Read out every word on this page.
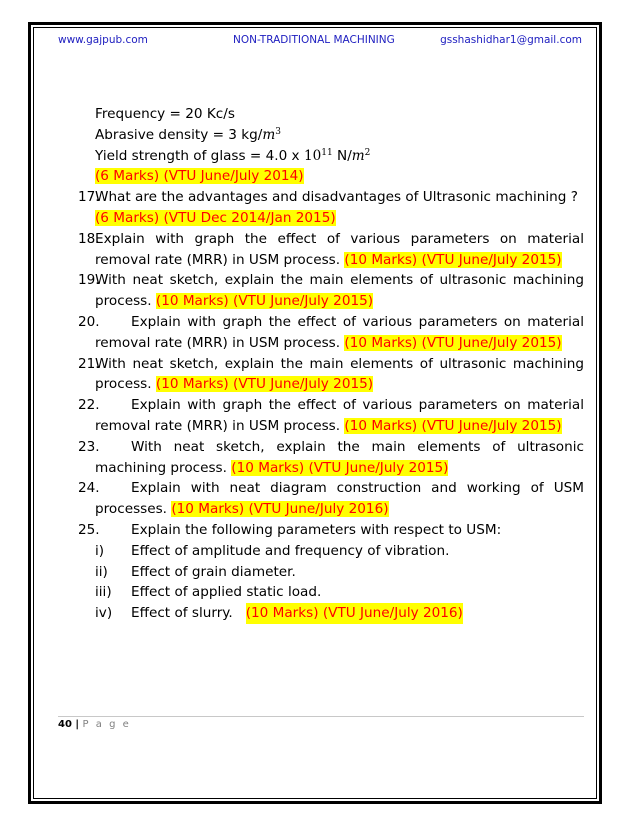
www.gajpub.com	NON-TRADITIONAL MACHINING	gsshashidhar1@gmail.com
Frequency = 20 Kc/s
Abrasive density = 3 $kg/m^3$
Yield strength of glass = 4.0 x $10^{11}$ $N/m^2$
(6 Marks) (VTU June/July 2014)
17.What are the advantages and disadvantages of Ultrasonic machining ?
(6 Marks) (VTU Dec 2014/Jan 2015)
18.
Explain with graph the effect of various parameters on material
removal rate (MRR) in USM process. (10 Marks) (VTU June/July 2015)
19.
With neat sketch, explain the main elements of ultrasonic machining
process. (10 Marks) (VTU June/July 2015)
20.	Explain with graph the effect of various parameters on material
removal rate (MRR) in USM process. (10 Marks) (VTU June/July 2015)
21.
With neat sketch, explain the main elements of ultrasonic machining
process. (10 Marks) (VTU June/July 2015)
22.	Explain with graph the effect of various parameters on material
removal rate (MRR) in USM process. (10 Marks) (VTU June/July 2015)
23.	With neat sketch, explain the main elements of ultrasonic
machining process. (10 Marks) (VTU June/July 2015)
24.	Explain with neat diagram construction and working of USM
processes. (10 Marks) (VTU June/July 2016)
25.	Explain the following parameters with respect to USM:
i)	Effect of amplitude and frequency of vibration.
ii)	Effect of grain diameter.
iii)	Effect of applied static load.
iv)	Effect of slurry.
(10 Marks) (VTU June/July 2016)
40 | P a g e
